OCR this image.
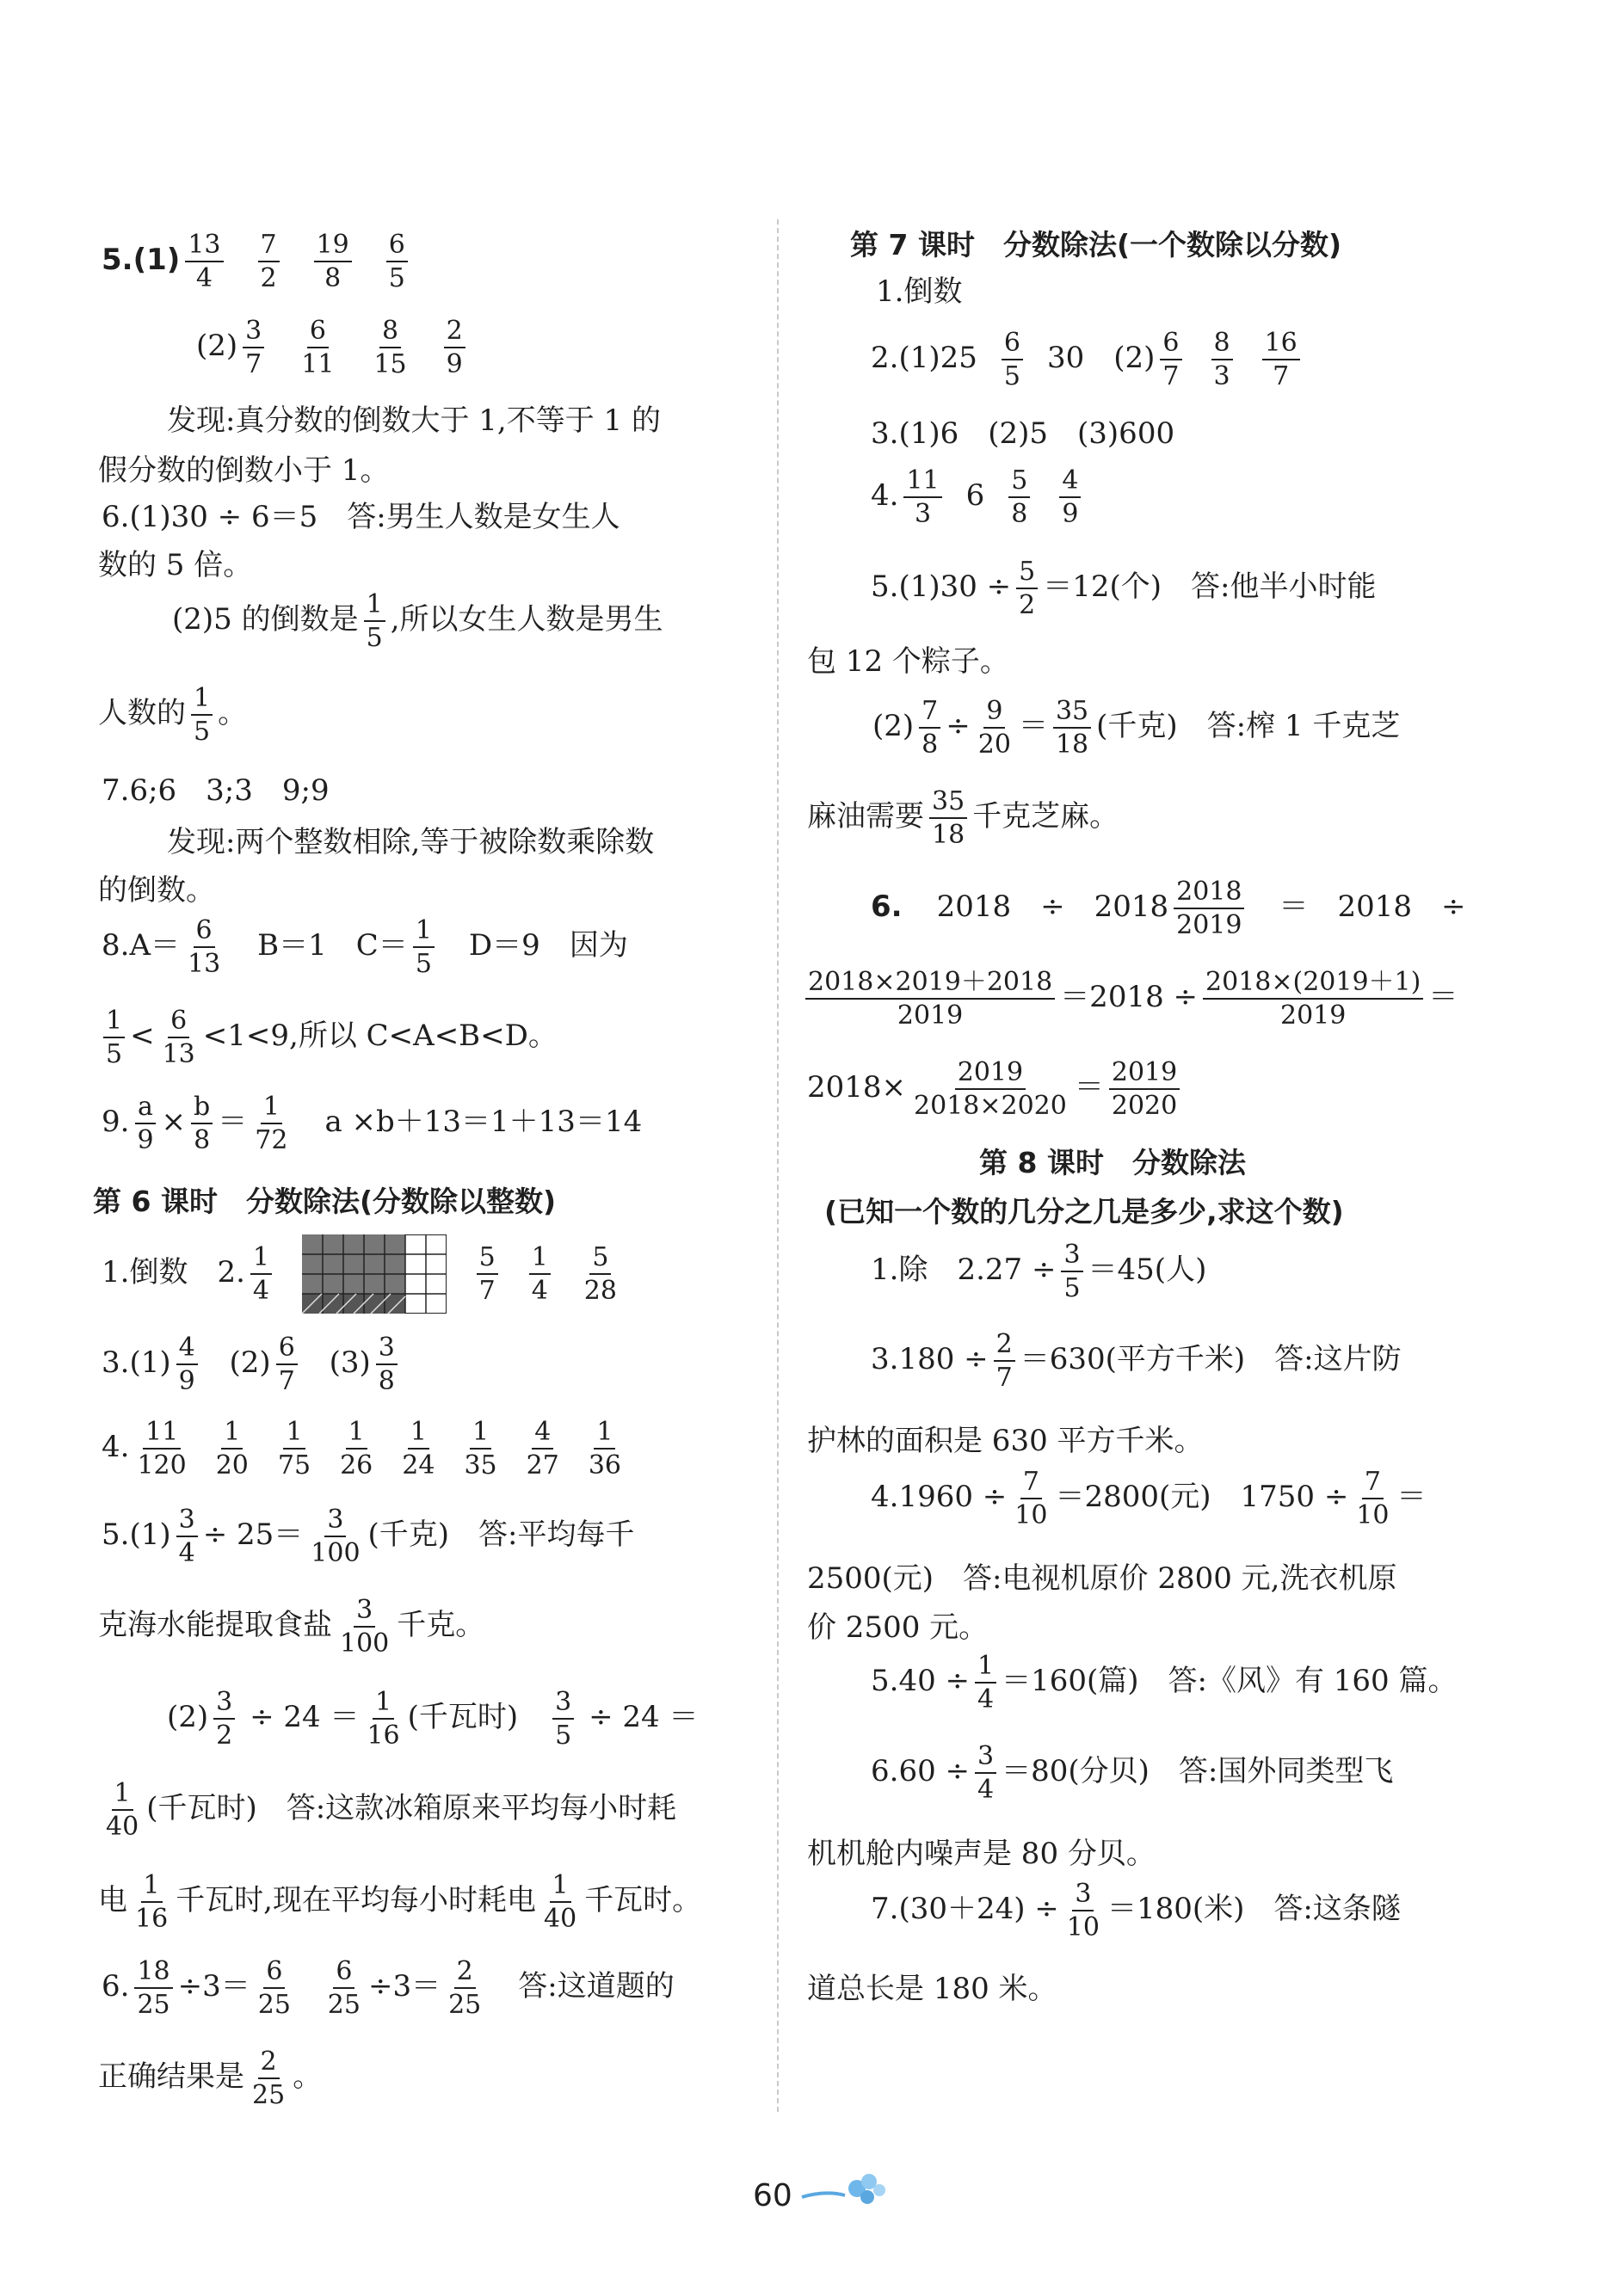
$5.(1) \frac{13}{4} \frac{7}{2} \frac{19}{8} \frac{6}{5}$
$(2) \frac{3}{7} \frac{6}{11} \frac{8}{15} \frac{2}{9}$
发现:真分数的倒数大于 1,不等于 1 的
假分数的倒数小于 1。
6.(1)30 ÷ 6＝5　答:男生人数是女生人
数的 5 倍。
(2)5 的倒数是 $\frac{1}{5}$ ,所以女生人数是男生
人数的 $\frac{1}{5}$ 。
7.6;6　3;3　9;9
发现:两个整数相除,等于被除数乘除数
的倒数。
$8.A= \frac{6}{13}$ 　B＝1　$C= \frac{1}{5}$ 　D＝9　因为
$\frac{1}{5} < \frac{6}{13} <1<9$,所以 C<A<B<D。
9. $\frac{a}{9} \times \frac{b}{8} = \frac{1}{72}$ 　a ×b＋13＝1＋13＝14
第 6 课时　分数除法(分数除以整数)
1.倒数　2. $\frac{1}{4}$
	$\frac{5}{7} \frac{1}{4} \frac{5}{28}$
$3.(1) \frac{4}{9} (2) \frac{6}{7} (3) \frac{3}{8}$
4. $\frac{11}{120} \frac{1}{20} \frac{1}{75} \frac{1}{26} \frac{1}{24} \frac{1}{35} \frac{4}{27} \frac{1}{36}$
$5.(1) \frac{3}{4} \div 25= \frac{3}{100}$ (千克)　答:平均每千
克海水能提取食盐 $\frac{3}{100}$ 千克。
$(2) \frac{3}{2} \div 24 = \frac{1}{16}$ (千瓦时)　 $\frac{3}{5} \div 24$ ＝
$\frac{1}{40}$ (千瓦时)　答:这款冰箱原来平均每小时耗
电 $\frac{1}{16}$ 千瓦时,现在平均每小时耗电 $\frac{1}{40}$ 千瓦时。
6. $\frac{18}{25} \div 3= \frac{6}{25}$
$\frac{6}{25} \div 3= \frac{2}{25}$ 　答:这道题的
正确结果是 $\frac{2}{25}$ 。
第 7 课时　分数除法(一个数除以分数)
1.倒数
$2.(1)25 \frac{6}{5} 30$　$(2) \frac{6}{7} \frac{8}{3} \frac{16}{7}$
3.(1)6　(2)5　(3)600
4. $\frac{11}{3} 6 \frac{5}{8} \frac{4}{9}$
$5.(1)30 \div \frac{5}{2} =12$(个)　答:他半小时能
包 12 个粽子。
$(2) \frac{7}{8} \div \frac{9}{20} = \frac{35}{18}$ (千克)　答:榨 1 千克芝
麻油需要 $\frac{35}{18}$ 千克芝麻。
6. 2018　÷　$2018 \frac{2018}{2019}$ 　＝　2018　÷
$\frac{2018\times 2019+2018}{2019} =2018 \div \frac{2018\times(2019+1)}{2019}$ ＝
$2018\times \frac{2019}{2018\times 2020} = \frac{2019}{2020}$
第 8 课时　分数除法
(已知一个数的几分之几是多少,求这个数)
1.除　$2.27 \div \frac{3}{5} =45$(人)
$3.180 \div \frac{2}{7} =630$(平方千米)　答:这片防
护林的面积是 630 平方千米。
$4.1960 \div \frac{7}{10} =2800$(元)　$1750 \div \frac{7}{10}$ ＝
2500(元)　答:电视机原价 2800 元,洗衣机原
价 2500 元。
$5.40 \div \frac{1}{4} =160$(篇)　答:《风》有 160 篇。
$6.60 \div \frac{3}{4} =80$(分贝)　答:国外同类型飞
机机舱内噪声是 80 分贝。
$7.(30+24) \div \frac{3}{10} =180$(米)　答:这条隧
道总长是 180 米。
60
